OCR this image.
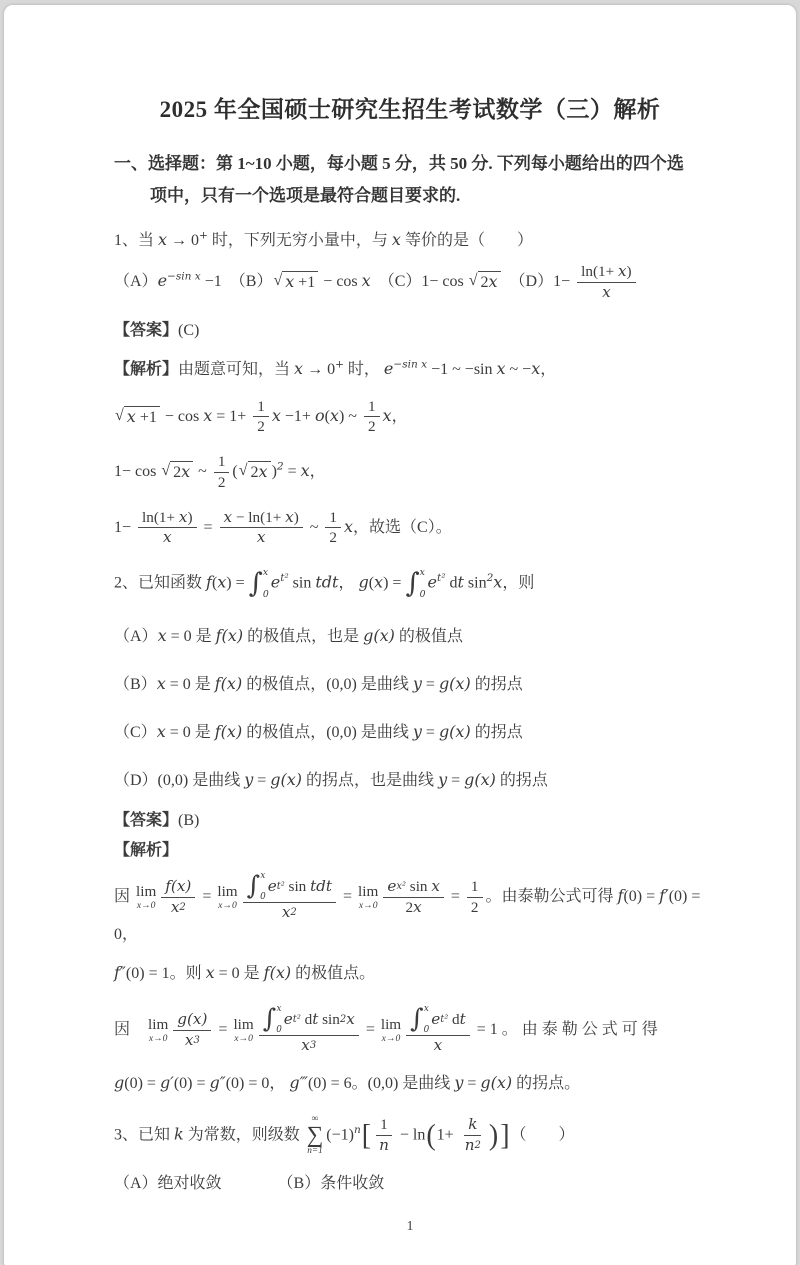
2025 年全国硕士研究生招生考试数学（三）解析
一、选择题：第 1~10 小题，每小题 5 分，共 50 分. 下列每小题给出的四个选
项中，只有一个选项是最符合题目要求的.
1、当 x → 0+ 时，下列无穷小量中，与 x 等价的是（　　）
$(A)e^{-sin x} -1$　（B） √ x +1 − cos x　（C）1− cos √ 2x 　$(D)1- \frac{\ln(1+ x )}{x}$
【答案】(C)
【解析】由题意可知，当 x → 0+ 时， $e^{-sin x} -1$ ~ −sin x ~ −x，
√ $x +1 - \cos x = 1+ \frac{1}{2}$ x −1+ o(x) ~ $\frac{1}{2}$ x，
1− cos √ 2x ~ $\frac{1}{2}$ ( √ 2x )$^2$ = x，
$1- \frac{\ln(1+ x )}{x} = \frac{x - \ln(1+ x )}{x}$ ~ $\frac{1}{2}$ x，故选（C）。
2、已知函数 f(x) = ∫ x
0
$e^{t^2}$ sin tdt， g(x) = ∫ x
0
$e^{t^2}$ dt $\sin^2x$，则
（A）x = 0 是 f(x) 的极值点，也是 g(x) 的极值点
（B）x = 0 是 f(x) 的极值点，(0,0) 是曲线 y = g(x) 的拐点
（C）x = 0 是 f(x) 的极值点，(0,0) 是曲线 y = g(x) 的拐点
（D）(0,0) 是曲线 y = g(x) 的拐点，也是曲线 y = g(x) 的拐点
【答案】(B)
【解析】
因 lim
$x\to 0 \frac{f(x)}{x 2} = \lim$
x→0 ∫ x
0
e t² sin tdt
x 2 = lim
$x\to 0 \frac{\text{e x² sin x}}{2 x} = \frac{1}{2}$ 。由泰勒公式可得 f(0) = f′(0) = 0，
f″(0) = 1。则 x = 0 是 f(x) 的极值点。
因　 lim
$x\to 0 \frac{g(x)}{x 3} = \lim$
x→0 ∫ x
0
e t² d t sin 2 x
x 3 = lim
x→0 ∫ x
0
e t² d t
x = 1 。 由 泰 勒 公 式 可 得
g(0) = g′(0) = g″(0) = 0， g‴(0) = 6。(0,0) 是曲线 y = g(x) 的拐点。
3、已知 k 为常数，则级数
∞
∑
n=1
$(-1)^n[ \frac{1}{n} - \ln(1+ \frac{k}{n 2}$ )]（　　）
（A）绝对收敛　　　　（B）条件收敛
1
